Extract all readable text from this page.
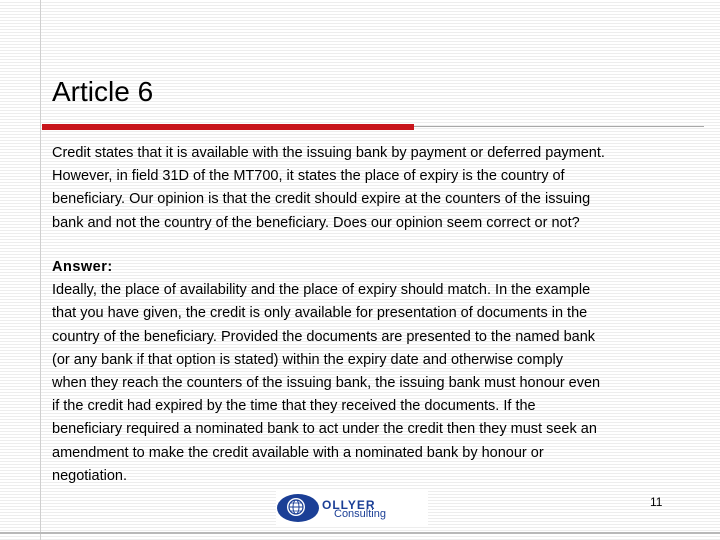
Article 6
Credit states that it is available with the issuing bank by payment or deferred payment.
However, in field 31D of the MT700, it states the place of expiry is the country of
beneficiary. Our opinion is that the credit should expire at the counters of the issuing
bank and not the country of the beneficiary. Does our opinion seem correct or not?
Answer:
Ideally, the place of availability and the place of expiry should match. In the example
that you have given, the credit is only available for presentation of documents in the
country of the beneficiary. Provided the documents are presented to the named bank
(or any bank if that option is stated) within the expiry date and otherwise comply
when they reach the counters of the issuing bank, the issuing bank must honour even
if the credit had expired by the time that they received the documents. If the
beneficiary required a nominated bank to act under the credit then they must seek an
amendment to make the credit available with a nominated bank by honour or
negotiation.
OLLYER
Consulting
11
